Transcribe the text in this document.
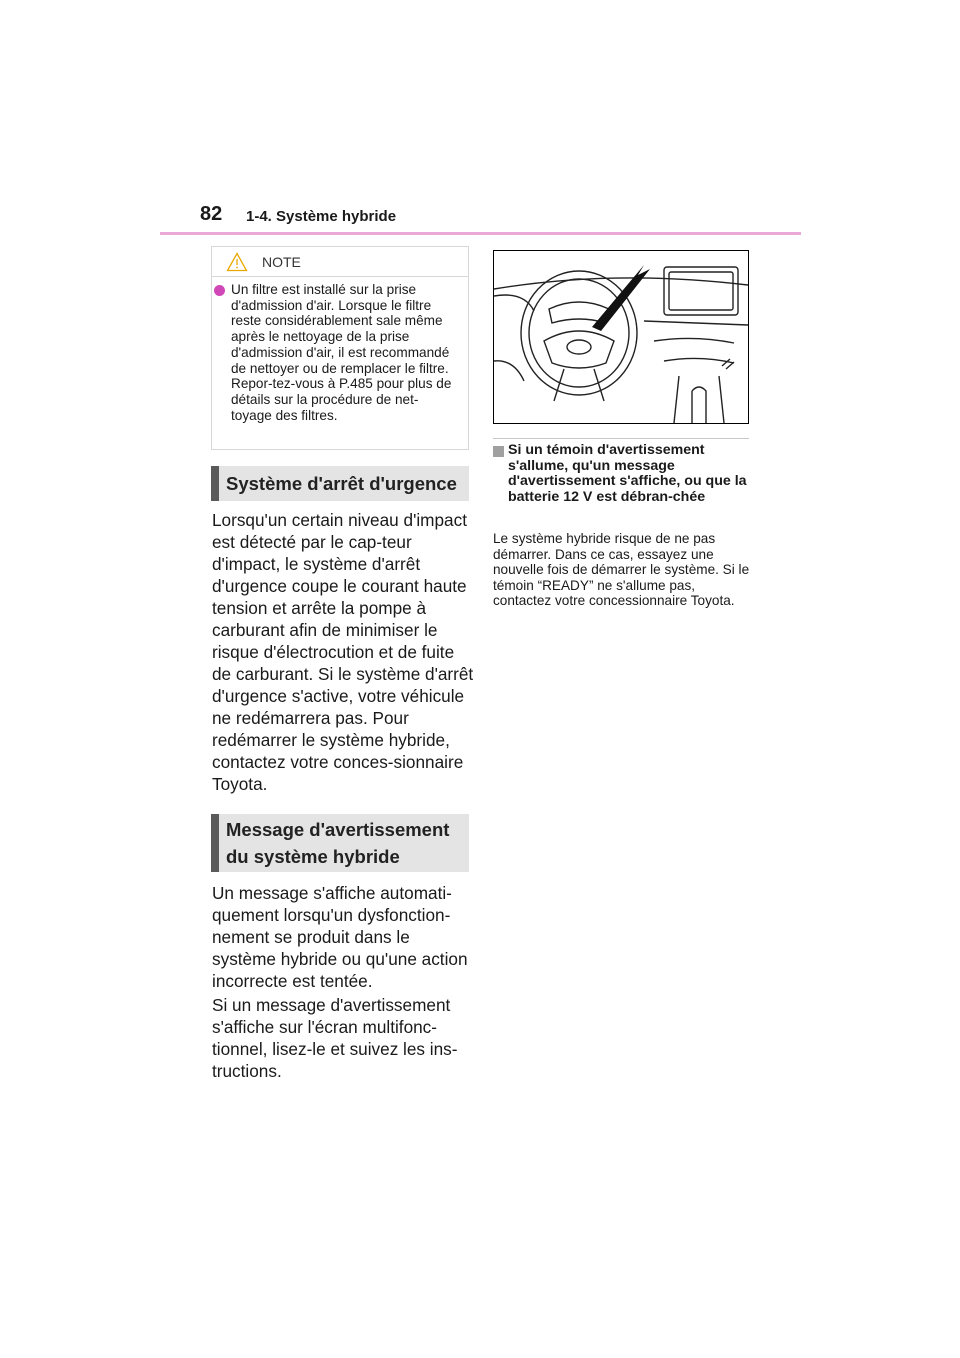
82 1-4. Système hybride
NOTE
Un filtre est installé sur la prise d'admission d'air. Lorsque le filtre reste considérablement sale même après le nettoyage de la prise d'admission d'air, il est recommandé de nettoyer ou de remplacer le filtre. Repor-tez-vous à P.485 pour plus de détails sur la procédure de net-toyage des filtres.
Système d'arrêt d'urgence
Lorsqu'un certain niveau d'impact est détecté par le cap-teur d'impact, le système d'arrêt d'urgence coupe le courant haute tension et arrête la pompe à carburant afin de minimiser le risque d'électrocution et de fuite de carburant. Si le système d'arrêt d'urgence s'active, votre véhicule ne redémarrera pas. Pour redémarrer le système hybride, contactez votre conces-sionnaire Toyota.
Message d'avertissement du système hybride
Un message s'affiche automati-quement lorsqu'un dysfonction-nement se produit dans le système hybride ou qu'une action incorrecte est tentée.
Si un message d'avertissement s'affiche sur l'écran multifonc-tionnel, lisez-le et suivez les ins-tructions.
Si un témoin d'avertissement s'allume, qu'un message d'avertissement s'affiche, ou que la batterie 12 V est débran-chée
Le système hybride risque de ne pas démarrer. Dans ce cas, essayez une nouvelle fois de démarrer le système. Si le témoin “READY” ne s'allume pas, contactez votre concessionnaire Toyota.
